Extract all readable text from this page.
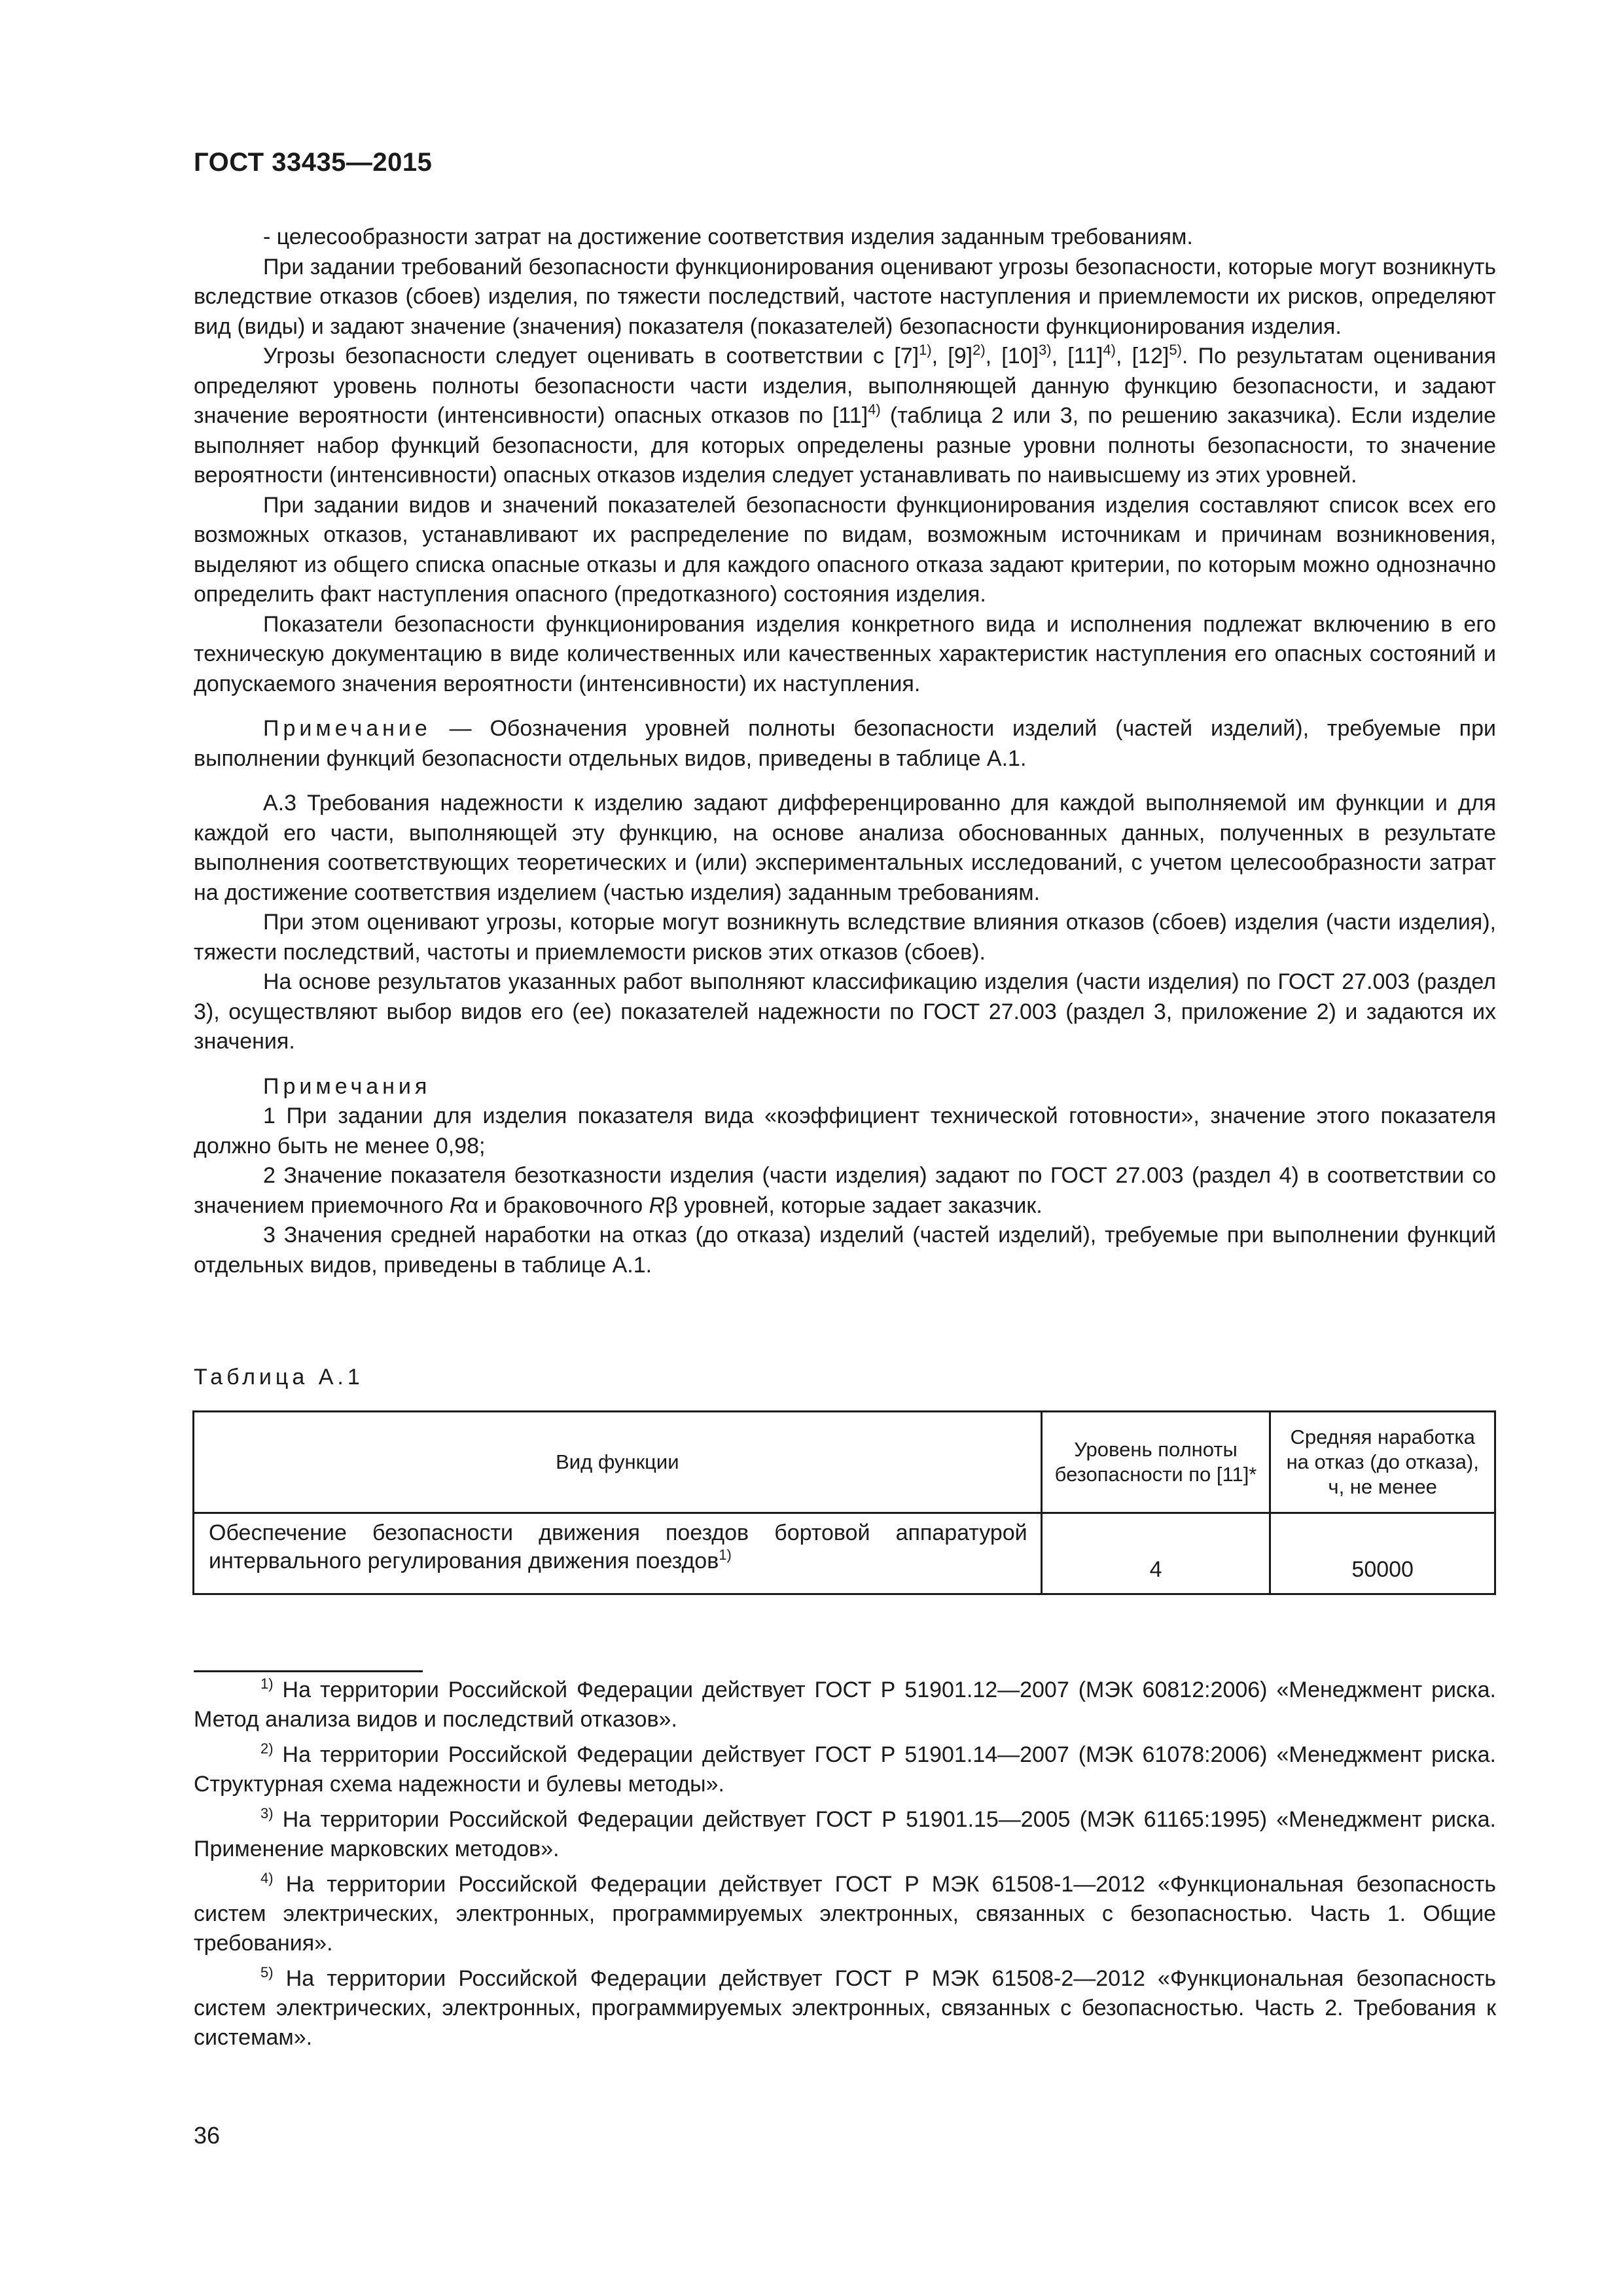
ГОСТ 33435—2015

- целесообразности затрат на достижение соответствия изделия заданным требованиям.

При задании требований безопасности функционирования оценивают угрозы безопасности, которые могут возникнуть вследствие отказов (сбоев) изделия, по тяжести последствий, частоте наступления и приемлемости их рисков, определяют вид (виды) и задают значение (значения) показателя (показателей) безопасности функционирования изделия.

Угрозы безопасности следует оценивать в соответствии с $[7]^{1)}$, $[9]^{2)}$, $[10]^{3)}$, $[11]^{4)}$, $[12]^{5)}$. По результатам оценивания определяют уровень полноты безопасности части изделия, выполняющей данную функцию безопасности, и задают значение вероятности (интенсивности) опасных отказов по $[11]^{4)}$ (таблица 2 или 3, по решению заказчика). Если изделие выполняет набор функций безопасности, для которых определены разные уровни полноты безопасности, то значение вероятности (интенсивности) опасных отказов изделия следует устанавливать по наивысшему из этих уровней.

При задании видов и значений показателей безопасности функционирования изделия составляют список всех его возможных отказов, устанавливают их распределение по видам, возможным источникам и причинам возникновения, выделяют из общего списка опасные отказы и для каждого опасного отказа задают критерии, по которым можно однозначно определить факт наступления опасного (предотказного) состояния изделия.

Показатели безопасности функционирования изделия конкретного вида и исполнения подлежат включению в его техническую документацию в виде количественных или качественных характеристик наступления его опасных состояний и допускаемого значения вероятности (интенсивности) их наступления.

Примечание — Обозначения уровней полноты безопасности изделий (частей изделий), требуемые при выполнении функций безопасности отдельных видов, приведены в таблице А.1.

А.3 Требования надежности к изделию задают дифференцированно для каждой выполняемой им функции и для каждой его части, выполняющей эту функцию, на основе анализа обоснованных данных, полученных в результате выполнения соответствующих теоретических и (или) экспериментальных исследований, с учетом целесообразности затрат на достижение соответствия изделием (частью изделия) заданным требованиям.

При этом оценивают угрозы, которые могут возникнуть вследствие влияния отказов (сбоев) изделия (части изделия), тяжести последствий, частоты и приемлемости рисков этих отказов (сбоев).

На основе результатов указанных работ выполняют классификацию изделия (части изделия) по ГОСТ 27.003 (раздел 3), осуществляют выбор видов его (ее) показателей надежности по ГОСТ 27.003 (раздел 3, приложение 2) и задаются их значения.

Примечания

1 При задании для изделия показателя вида «коэффициент технической готовности», значение этого показателя должно быть не менее 0,98;

2 Значение показателя безотказности изделия (части изделия) задают по ГОСТ 27.003 (раздел 4) в соответствии со значением приемочного Rα и браковочного Rβ уровней, которые задает заказчик.

3 Значения средней наработки на отказ (до отказа) изделий (частей изделий), требуемые при выполнении функций отдельных видов, приведены в таблице А.1.

Таблица А.1
Вид функции	Уровень полноты безопасности по [11]*	Средняя наработка на отказ (до отказа), ч, не менее
Обеспечение безопасности движения поездов бортовой аппаратурой интервального регулирования движения поездов$^{1)}$	4	50000

$^{1)}$ На территории Российской Федерации действует ГОСТ Р 51901.12—2007 (МЭК 60812:2006) «Менеджмент риска. Метод анализа видов и последствий отказов».

$^{2)}$ На территории Российской Федерации действует ГОСТ Р 51901.14—2007 (МЭК 61078:2006) «Менеджмент риска. Структурная схема надежности и булевы методы».

$^{3)}$ На территории Российской Федерации действует ГОСТ Р 51901.15—2005 (МЭК 61165:1995) «Менеджмент риска. Применение марковских методов».

$^{4)}$ На территории Российской Федерации действует ГОСТ Р МЭК 61508-1—2012 «Функциональная безопасность систем электрических, электронных, программируемых электронных, связанных с безопасностью. Часть 1. Общие требования».

$^{5)}$ На территории Российской Федерации действует ГОСТ Р МЭК 61508-2—2012 «Функциональная безопасность систем электрических, электронных, программируемых электронных, связанных с безопасностью. Часть 2. Требования к системам».

36
